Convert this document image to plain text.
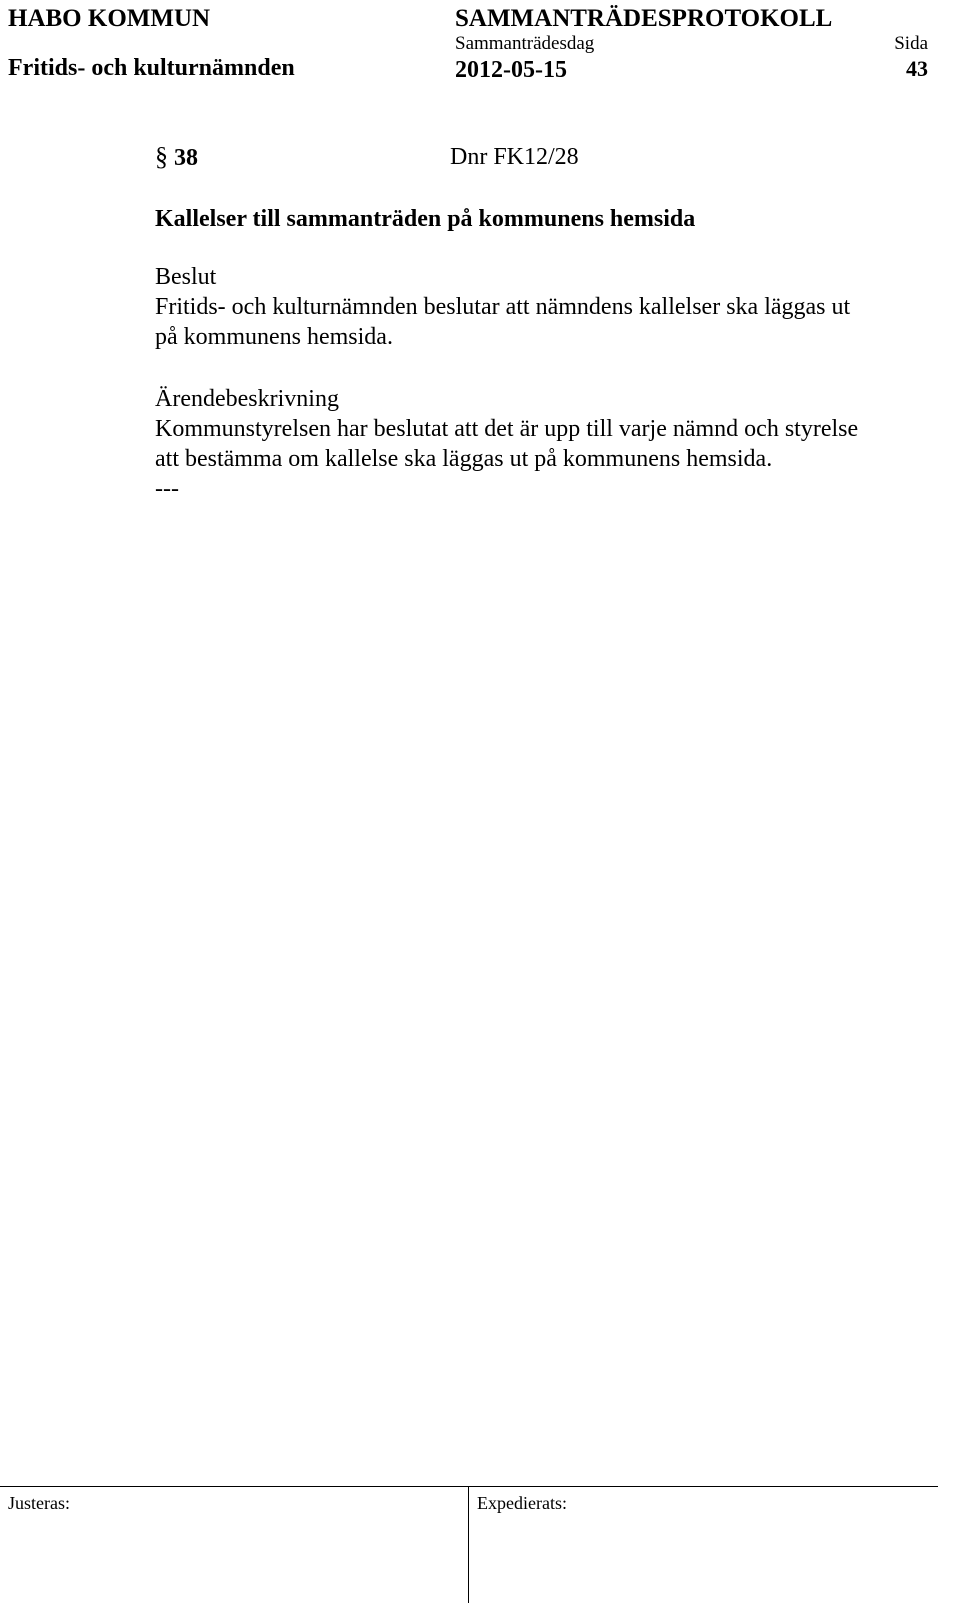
HABO KOMMUN
Fritids- och kulturnämnden
SAMMANTRÄDESPROTOKOLL
Sammanträdesdag
2012-05-15
Sida
43
§ 38	Dnr FK12/28

Kallelser till sammanträden på kommunens hemsida

Beslut

Fritids- och kulturnämnden beslutar att nämndens kallelser ska läggas ut på kommunens hemsida.

Ärendebeskrivning

Kommunstyrelsen har beslutat att det är upp till varje nämnd och styrelse att bestämma om kallelse ska läggas ut på kommunens hemsida.

---

Justeras:	Expedierats:
